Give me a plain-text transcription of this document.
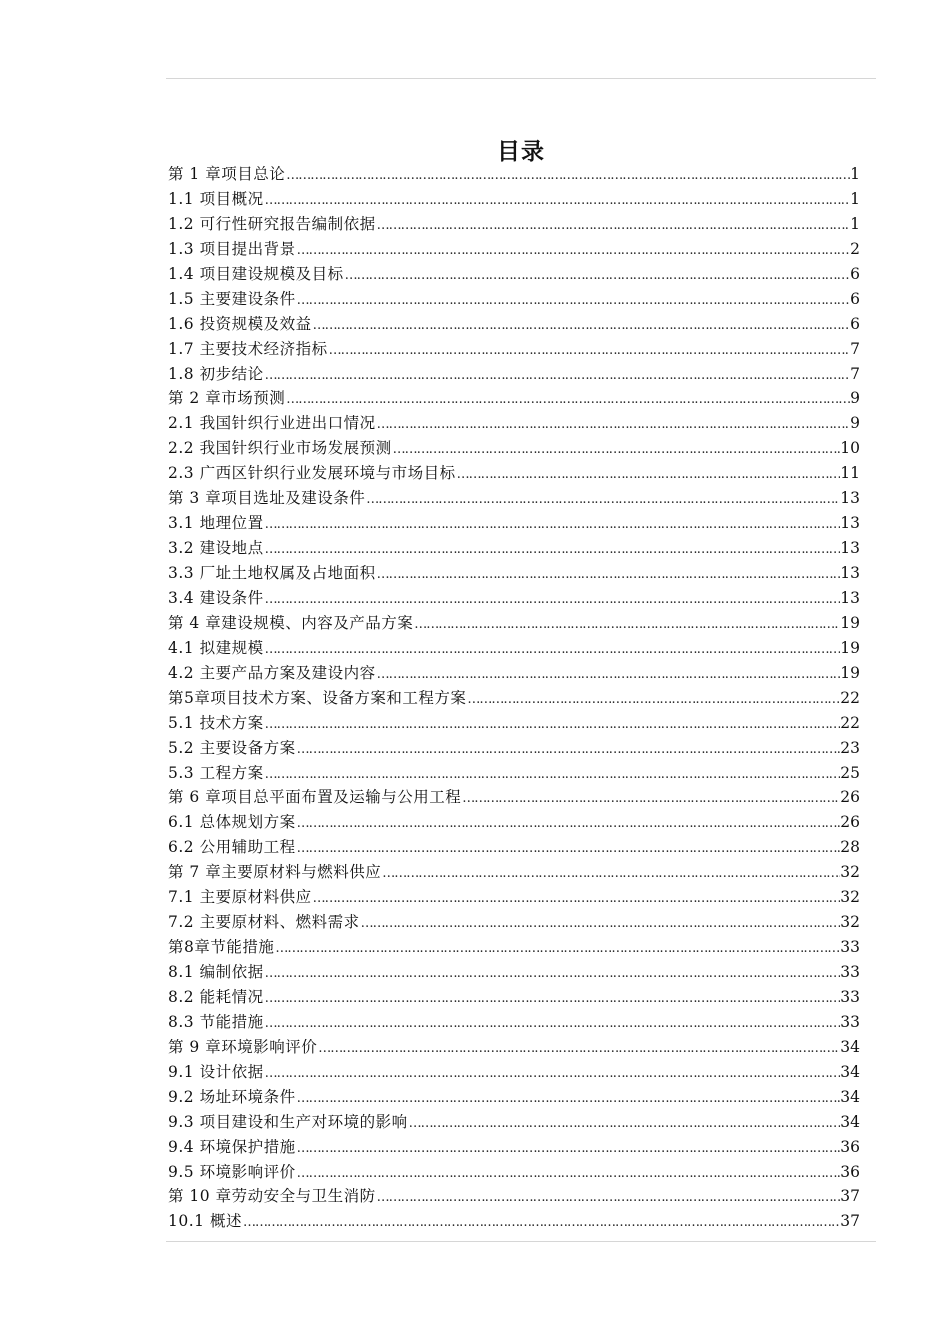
目录
第 1 章项目总论 ……………………………………………………………………………………………………………………………………………………………………	1
1.1 项目概况 ……………………………………………………………………………………………………………………………………………………………………	1
1.2 可行性研究报告编制依据 ……………………………………………………………………………………………………………………………………………………………………	1
1.3 项目提出背景 ……………………………………………………………………………………………………………………………………………………………………	2
1.4 项目建设规模及目标 ……………………………………………………………………………………………………………………………………………………………………	6
1.5 主要建设条件 ……………………………………………………………………………………………………………………………………………………………………	6
1.6 投资规模及效益 ……………………………………………………………………………………………………………………………………………………………………	6
1.7 主要技术经济指标 ……………………………………………………………………………………………………………………………………………………………………	7
1.8 初步结论 ……………………………………………………………………………………………………………………………………………………………………	7
第 2 章市场预测 ……………………………………………………………………………………………………………………………………………………………………	9
2.1 我国针织行业进出口情况 ……………………………………………………………………………………………………………………………………………………………………	9
2.2 我国针织行业市场发展预测 ……………………………………………………………………………………………………………………………………………………………………	10
2.3 广西区针织行业发展环境与市场目标 ……………………………………………………………………………………………………………………………………………………………………	11
第 3 章项目选址及建设条件 ……………………………………………………………………………………………………………………………………………………………………	13
3.1 地理位置 ……………………………………………………………………………………………………………………………………………………………………	13
3.2 建设地点 ……………………………………………………………………………………………………………………………………………………………………	13
3.3 厂址土地权属及占地面积 ……………………………………………………………………………………………………………………………………………………………………	13
3.4 建设条件 ……………………………………………………………………………………………………………………………………………………………………	13
第 4 章建设规模、内容及产品方案 ……………………………………………………………………………………………………………………………………………………………………	19
4.1 拟建规模 ……………………………………………………………………………………………………………………………………………………………………	19
4.2 主要产品方案及建设内容 ……………………………………………………………………………………………………………………………………………………………………	19
第5章项目技术方案、设备方案和工程方案 ……………………………………………………………………………………………………………………………………………………………………	22
5.1 技术方案 ……………………………………………………………………………………………………………………………………………………………………	22
5.2 主要设备方案 ……………………………………………………………………………………………………………………………………………………………………	23
5.3 工程方案 ……………………………………………………………………………………………………………………………………………………………………	25
第 6 章项目总平面布置及运输与公用工程 ……………………………………………………………………………………………………………………………………………………………………	26
6.1 总体规划方案 ……………………………………………………………………………………………………………………………………………………………………	26
6.2 公用辅助工程 ……………………………………………………………………………………………………………………………………………………………………	28
第 7 章主要原材料与燃料供应 ……………………………………………………………………………………………………………………………………………………………………	32
7.1 主要原材料供应 ……………………………………………………………………………………………………………………………………………………………………	32
7.2 主要原材料、燃料需求 ……………………………………………………………………………………………………………………………………………………………………	32
第8章节能措施 ……………………………………………………………………………………………………………………………………………………………………	33
8.1 编制依据 ……………………………………………………………………………………………………………………………………………………………………	33
8.2 能耗情况 ……………………………………………………………………………………………………………………………………………………………………	33
8.3 节能措施 ……………………………………………………………………………………………………………………………………………………………………	33
第 9 章环境影响评价 ……………………………………………………………………………………………………………………………………………………………………	34
9.1 设计依据 ……………………………………………………………………………………………………………………………………………………………………	34
9.2 场址环境条件 ……………………………………………………………………………………………………………………………………………………………………	34
9.3 项目建设和生产对环境的影响 ……………………………………………………………………………………………………………………………………………………………………	34
9.4 环境保护措施 ……………………………………………………………………………………………………………………………………………………………………	36
9.5 环境影响评价 ……………………………………………………………………………………………………………………………………………………………………	36
第 10 章劳动安全与卫生消防 ……………………………………………………………………………………………………………………………………………………………………	37
10.1 概述 ……………………………………………………………………………………………………………………………………………………………………	37
